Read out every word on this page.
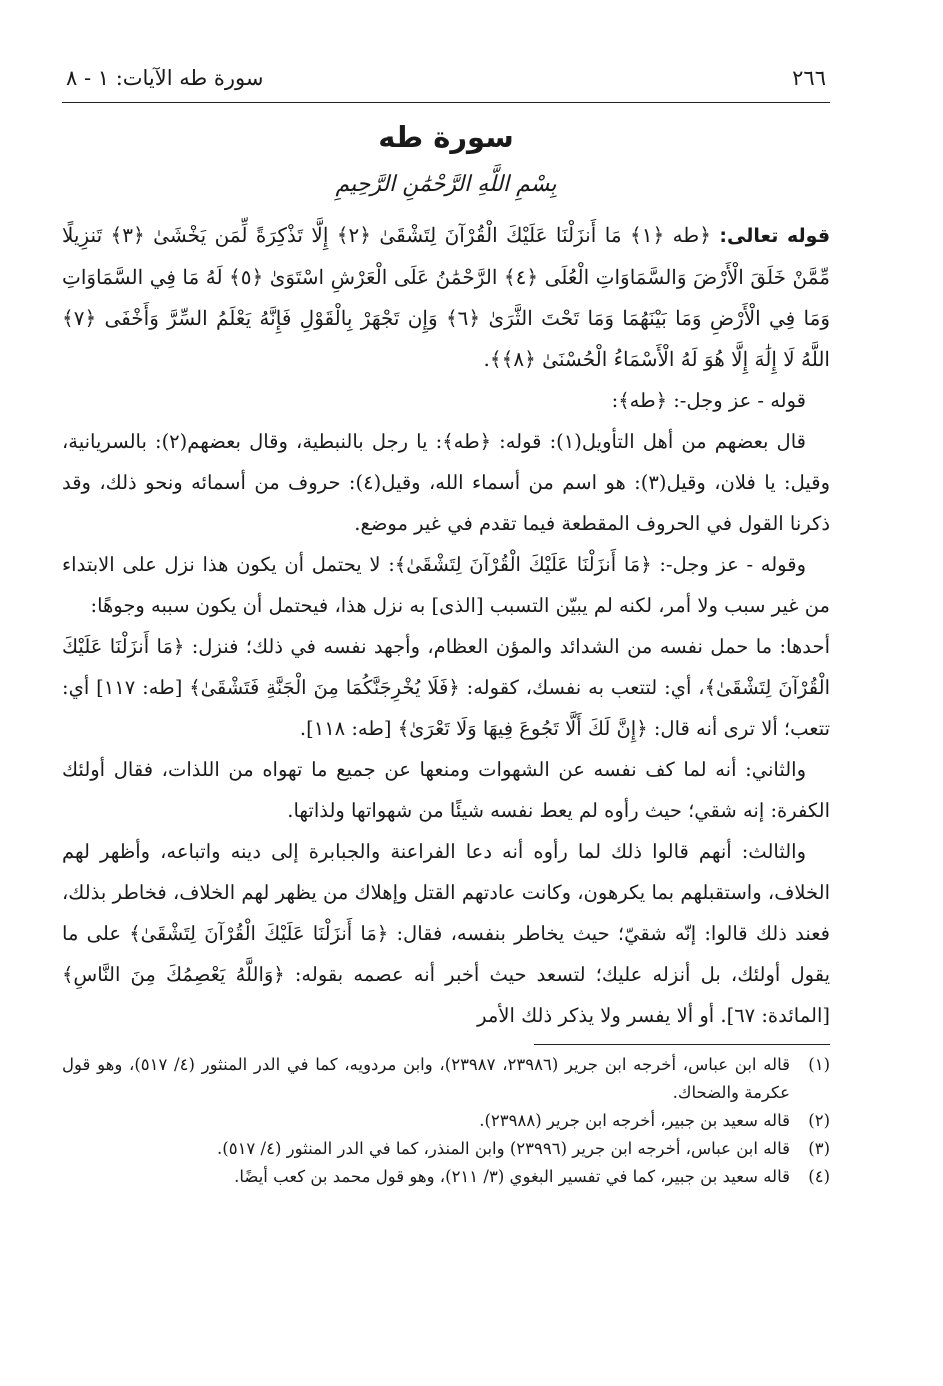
٢٦٦
سورة طه الآيات: ١ - ٨
سورة طه
بِسْمِ اللَّهِ الرَّحْمَٰنِ الرَّحِيمِ
قوله تعالى: ﴿طه ﴿١﴾ مَا أَنزَلْنَا عَلَيْكَ الْقُرْآنَ لِتَشْقَىٰ ﴿٢﴾ إِلَّا تَذْكِرَةً لِّمَن يَخْشَىٰ ﴿٣﴾ تَنزِيلًا مِّمَّنْ خَلَقَ الْأَرْضَ وَالسَّمَاوَاتِ الْعُلَى ﴿٤﴾ الرَّحْمَٰنُ عَلَى الْعَرْشِ اسْتَوَىٰ ﴿٥﴾ لَهُ مَا فِي السَّمَاوَاتِ وَمَا فِي الْأَرْضِ وَمَا بَيْنَهُمَا وَمَا تَحْتَ الثَّرَىٰ ﴿٦﴾ وَإِن تَجْهَرْ بِالْقَوْلِ فَإِنَّهُ يَعْلَمُ السِّرَّ وَأَخْفَى ﴿٧﴾ اللَّهُ لَا إِلَٰهَ إِلَّا هُوَ لَهُ الْأَسْمَاءُ الْحُسْنَىٰ ﴿٨﴾﴾.

قوله - عز وجل-: ﴿طه﴾:

قال بعضهم من أهل التأويل(١): قوله: ﴿طه﴾: يا رجل بالنبطية، وقال بعضهم(٢): بالسريانية، وقيل: يا فلان، وقيل(٣): هو اسم من أسماء الله، وقيل(٤): حروف من أسمائه ونحو ذلك، وقد ذكرنا القول في الحروف المقطعة فيما تقدم في غير موضع.

وقوله - عز وجل-: ﴿مَا أَنزَلْنَا عَلَيْكَ الْقُرْآنَ لِتَشْقَىٰ﴾: لا يحتمل أن يكون هذا نزل على الابتداء من غير سبب ولا أمر، لكنه لم يبيّن التسبب [الذى] به نزل هذا، فيحتمل أن يكون سببه وجوهًا:

أحدها: ما حمل نفسه من الشدائد والمؤن العظام، وأجهد نفسه في ذلك؛ فنزل: ﴿مَا أَنزَلْنَا عَلَيْكَ الْقُرْآنَ لِتَشْقَىٰ﴾، أي: لتتعب به نفسك، كقوله: ﴿فَلَا يُخْرِجَنَّكُمَا مِنَ الْجَنَّةِ فَتَشْقَىٰ﴾ [طه: ١١٧] أي: تتعب؛ ألا ترى أنه قال: ﴿إِنَّ لَكَ أَلَّا تَجُوعَ فِيهَا وَلَا تَعْرَىٰ﴾ [طه: ١١٨].

والثاني: أنه لما كف نفسه عن الشهوات ومنعها عن جميع ما تهواه من اللذات، فقال أولئك الكفرة: إنه شقي؛ حيث رأوه لم يعط نفسه شيئًا من شهواتها ولذاتها.

والثالث: أنهم قالوا ذلك لما رأوه أنه دعا الفراعنة والجبابرة إلى دينه واتباعه، وأظهر لهم الخلاف، واستقبلهم بما يكرهون، وكانت عادتهم القتل وإهلاك من يظهر لهم الخلاف، فخاطر بذلك، فعند ذلك قالوا: إنّه شقيّ؛ حيث يخاطر بنفسه، فقال: ﴿مَا أَنزَلْنَا عَلَيْكَ الْقُرْآنَ لِتَشْقَىٰ﴾ على ما يقول أولئك، بل أنزله عليك؛ لتسعد حيث أخبر أنه عصمه بقوله: ﴿وَاللَّهُ يَعْصِمُكَ مِنَ النَّاسِ﴾ [المائدة: ٦٧]. أو ألا يفسر ولا يذكر ذلك الأمر

(١)
قاله ابن عباس، أخرجه ابن جرير (٢٣٩٨٦، ٢٣٩٨٧)، وابن مردويه، كما في الدر المنثور (٤/ ٥١٧)، وهو قول عكرمة والضحاك.
(٢)
قاله سعيد بن جبير، أخرجه ابن جرير (٢٣٩٨٨).
(٣)
قاله ابن عباس، أخرجه ابن جرير (٢٣٩٩٦) وابن المنذر، كما في الدر المنثور (٤/ ٥١٧).
(٤)
قاله سعيد بن جبير، كما في تفسير البغوي (٣/ ٢١١)، وهو قول محمد بن كعب أيضًا.
